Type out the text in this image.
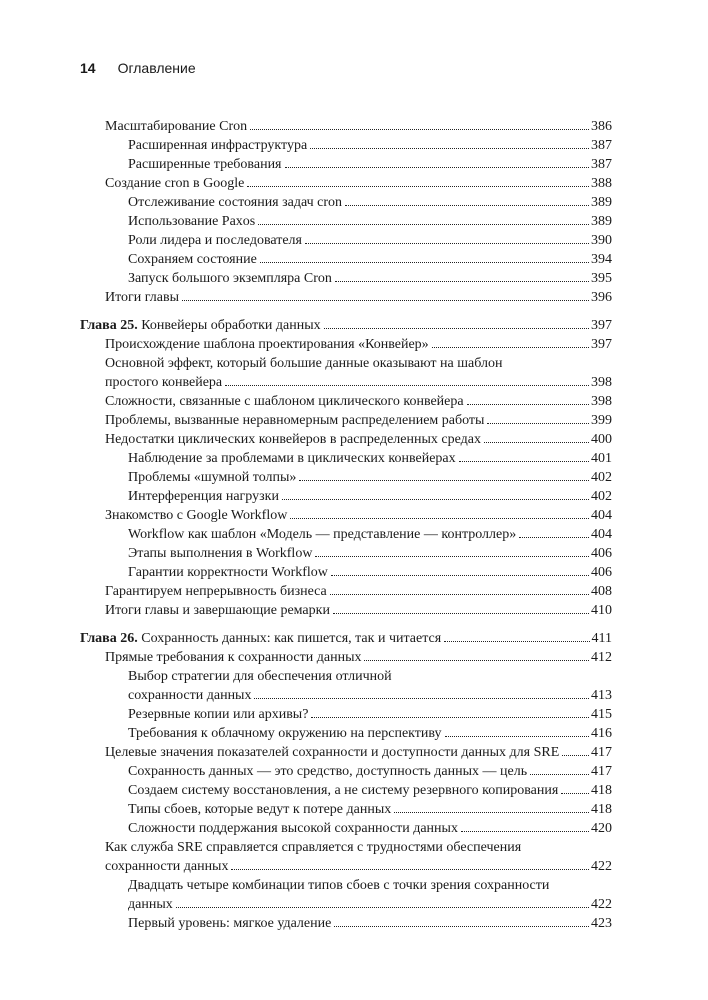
14 Оглавление
Масштабирование Cron	386
Расширенная инфраструктура	387
Расширенные требования	387
Создание cron в Google	388
Отслеживание состояния задач cron	389
Использование Paxos	389
Роли лидера и последователя	390
Сохраняем состояние	394
Запуск большого экземпляра Cron	395
Итоги главы	396
Глава 25. Конвейеры обработки данных	397
Происхождение шаблона проектирования «Конвейер»	397
Основной эффект, который большие данные оказывают на шаблон
простого конвейера	398
Сложности, связанные с шаблоном циклического конвейера	398
Проблемы, вызванные неравномерным распределением работы	399
Недостатки циклических конвейеров в распределенных средах	400
Наблюдение за проблемами в циклических конвейерах	401
Проблемы «шумной толпы»	402
Интерференция нагрузки	402
Знакомство с Google Workflow	404
Workflow как шаблон «Модель — представление — контроллер»	404
Этапы выполнения в Workflow	406
Гарантии корректности Workflow	406
Гарантируем непрерывность бизнеса	408
Итоги главы и завершающие ремарки	410
Глава 26. Сохранность данных: как пишется, так и читается	411
Прямые требования к сохранности данных	412
Выбор стратегии для обеспечения отличной
сохранности данных	413
Резервные копии или архивы?	415
Требования к облачному окружению на перспективу	416
Целевые значения показателей сохранности и доступности данных для SRE 417
Сохранность данных — это средство, доступность данных — цель	417
Создаем систему восстановления, а не систему резервного копирования 418
Типы сбоев, которые ведут к потере данных	418
Сложности поддержания высокой сохранности данных	420
Как служба SRE справляется справляется с трудностями обеспечения
сохранности данных	422
Двадцать четыре комбинации типов сбоев с точки зрения сохранности
данных	422
Первый уровень: мягкое удаление	423
